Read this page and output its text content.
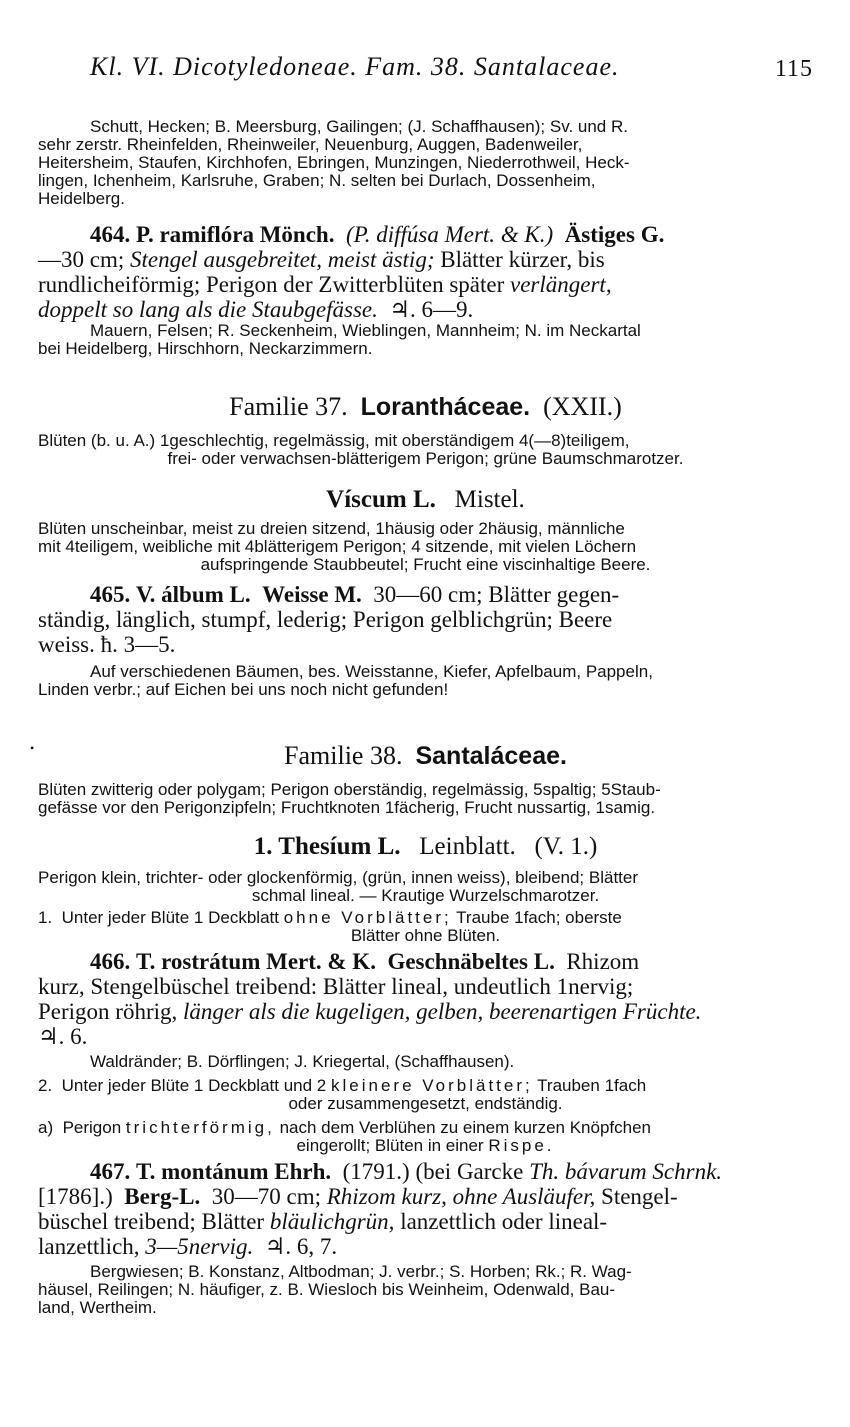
Kl. VI. Dicotyledoneae. Fam. 38. Santalaceae.	115
Schutt, Hecken; B. Meersburg, Gailingen; (J. Schaffhausen); Sv. und R.
sehr zerstr. Rheinfelden, Rheinweiler, Neuenburg, Auggen, Badenweiler,
Heitersheim, Staufen, Kirchhofen, Ebringen, Munzingen, Niederrothweil, Heck-
lingen, Ichenheim, Karlsruhe, Graben; N. selten bei Durlach, Dossenheim,
Heidelberg.
464. P. ramiflóra Mönch. (P. diffúsa Mert. & K.) Ästiges G.
—30 cm; Stengel ausgebreitet, meist ästig; Blätter kürzer, bis
rundlicheiförmig; Perigon der Zwitterblüten später verlängert,
doppelt so lang als die Staubgefässe. ♃. 6—9.
Mauern, Felsen; R. Seckenheim, Wieblingen, Mannheim; N. im Neckartal
bei Heidelberg, Hirschhorn, Neckarzimmern.
Familie 37. Lorantháceae. (XXII.)
Blüten (b. u. A.) 1geschlechtig, regelmässig, mit oberständigem 4(—8)teiligem,
frei- oder verwachsen-blätterigem Perigon; grüne Baumschmarotzer.
Víscum L. Mistel.
Blüten unscheinbar, meist zu dreien sitzend, 1häusig oder 2häusig, männliche
mit 4teiligem, weibliche mit 4blätterigem Perigon; 4 sitzende, mit vielen Löchern
aufspringende Staubbeutel; Frucht eine viscinhaltige Beere.
465. V. álbum L. Weisse M. 30—60 cm; Blätter gegen-
ständig, länglich, stumpf, lederig; Perigon gelblichgrün; Beere
weiss. ħ. 3—5.
Auf verschiedenen Bäumen, bes. Weisstanne, Kiefer, Apfelbaum, Pappeln,
Linden verbr.; auf Eichen bei uns noch nicht gefunden!
•	Familie 38. Santaláceae.
Blüten zwitterig oder polygam; Perigon oberständig, regelmässig, 5spaltig; 5Staub-
gefässe vor den Perigonzipfeln; Fruchtknoten 1fächerig, Frucht nussartig, 1samig.
1. Thesíum L. Leinblatt. (V. 1.)
Perigon klein, trichter- oder glockenförmig, (grün, innen weiss), bleibend; Blätter
schmal lineal. — Krautige Wurzelschmarotzer.
1. Unter jeder Blüte 1 Deckblatt ohne Vorblätter; Traube 1fach; oberste
Blätter ohne Blüten.
466. T. rostrátum Mert. & K. Geschnäbeltes L. Rhizom
kurz, Stengelbüschel treibend: Blätter lineal, undeutlich 1nervig;
Perigon röhrig, länger als die kugeligen, gelben, beerenartigen Früchte.
♃. 6.
Waldränder; B. Dörflingen; J. Kriegertal, (Schaffhausen).
2. Unter jeder Blüte 1 Deckblatt und 2 kleinere Vorblätter; Trauben 1fach
oder zusammengesetzt, endständig.
a) Perigon trichterförmig, nach dem Verblühen zu einem kurzen Knöpfchen
eingerollt; Blüten in einer Rispe.
467. T. montánum Ehrh. (1791.) (bei Garcke Th. bávarum Schrnk.
[1786].) Berg-L. 30—70 cm; Rhizom kurz, ohne Ausläufer, Stengel-
büschel treibend; Blätter bläulichgrün, lanzettlich oder lineal-
lanzettlich, 3—5nervig. ♃. 6, 7.
Bergwiesen; B. Konstanz, Altbodman; J. verbr.; S. Horben; Rk.; R. Wag-
häusel, Reilingen; N. häufiger, z. B. Wiesloch bis Weinheim, Odenwald, Bau-
land, Wertheim.
